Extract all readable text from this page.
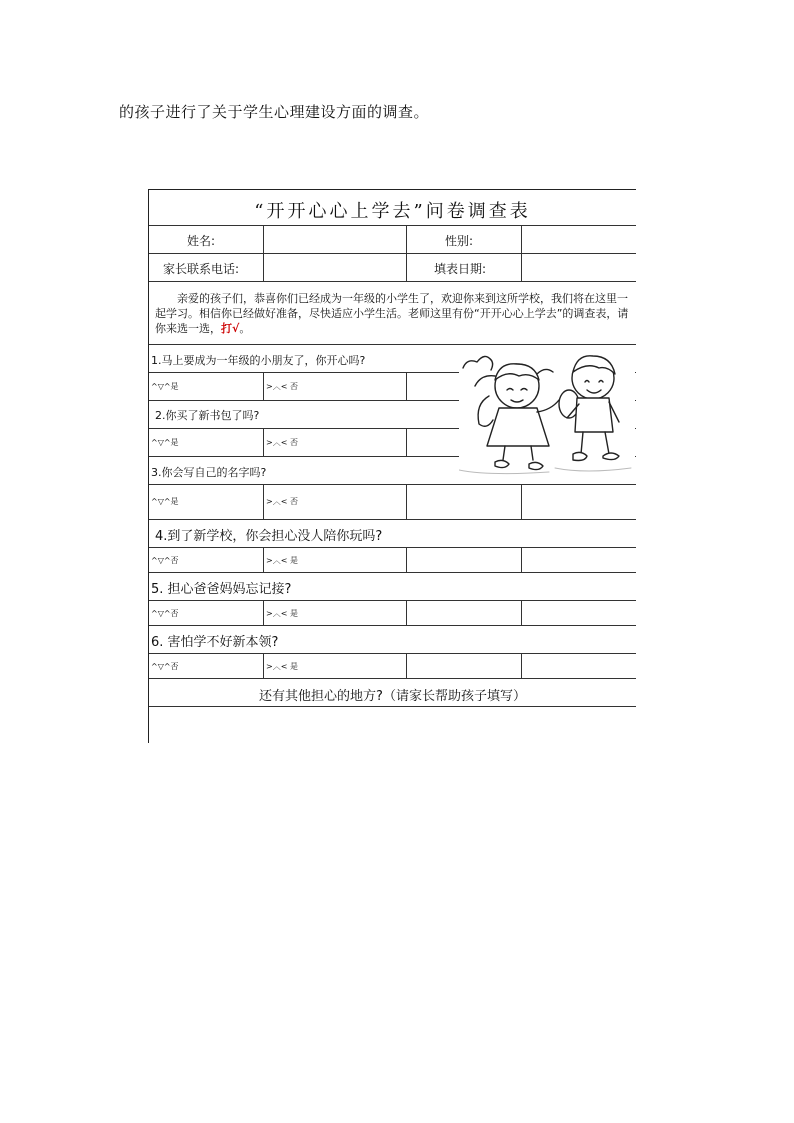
的孩子进行了关于学生心理建设方面的调查。
“开开心心上学去”问卷调查表
姓名:	性别:
家长联系电话:	填表日期:
亲爱的孩子们，恭喜你们已经成为一年级的小学生了，欢迎你来到这所学校，我们将在这里一起学习。相信你已经做好准备，尽快适应小学生活。老师这里有份“开开心心上学去”的调查表，请你来选一选，打√。
1.马上要成为一年级的小朋友了，你开心吗?
^▽^是	>︿< 否
2.你买了新书包了吗?
^▽^是	>︿< 否
3.你会写自己的名字吗?
^▽^是	>︿< 否
4.到了新学校，你会担心没人陪你玩吗?
^▽^否	>︿< 是
5. 担心爸爸妈妈忘记接?
^▽^否	>︿< 是
6. 害怕学不好新本领?
^▽^否	>︿< 是
还有其他担心的地方?（请家长帮助孩子填写）
